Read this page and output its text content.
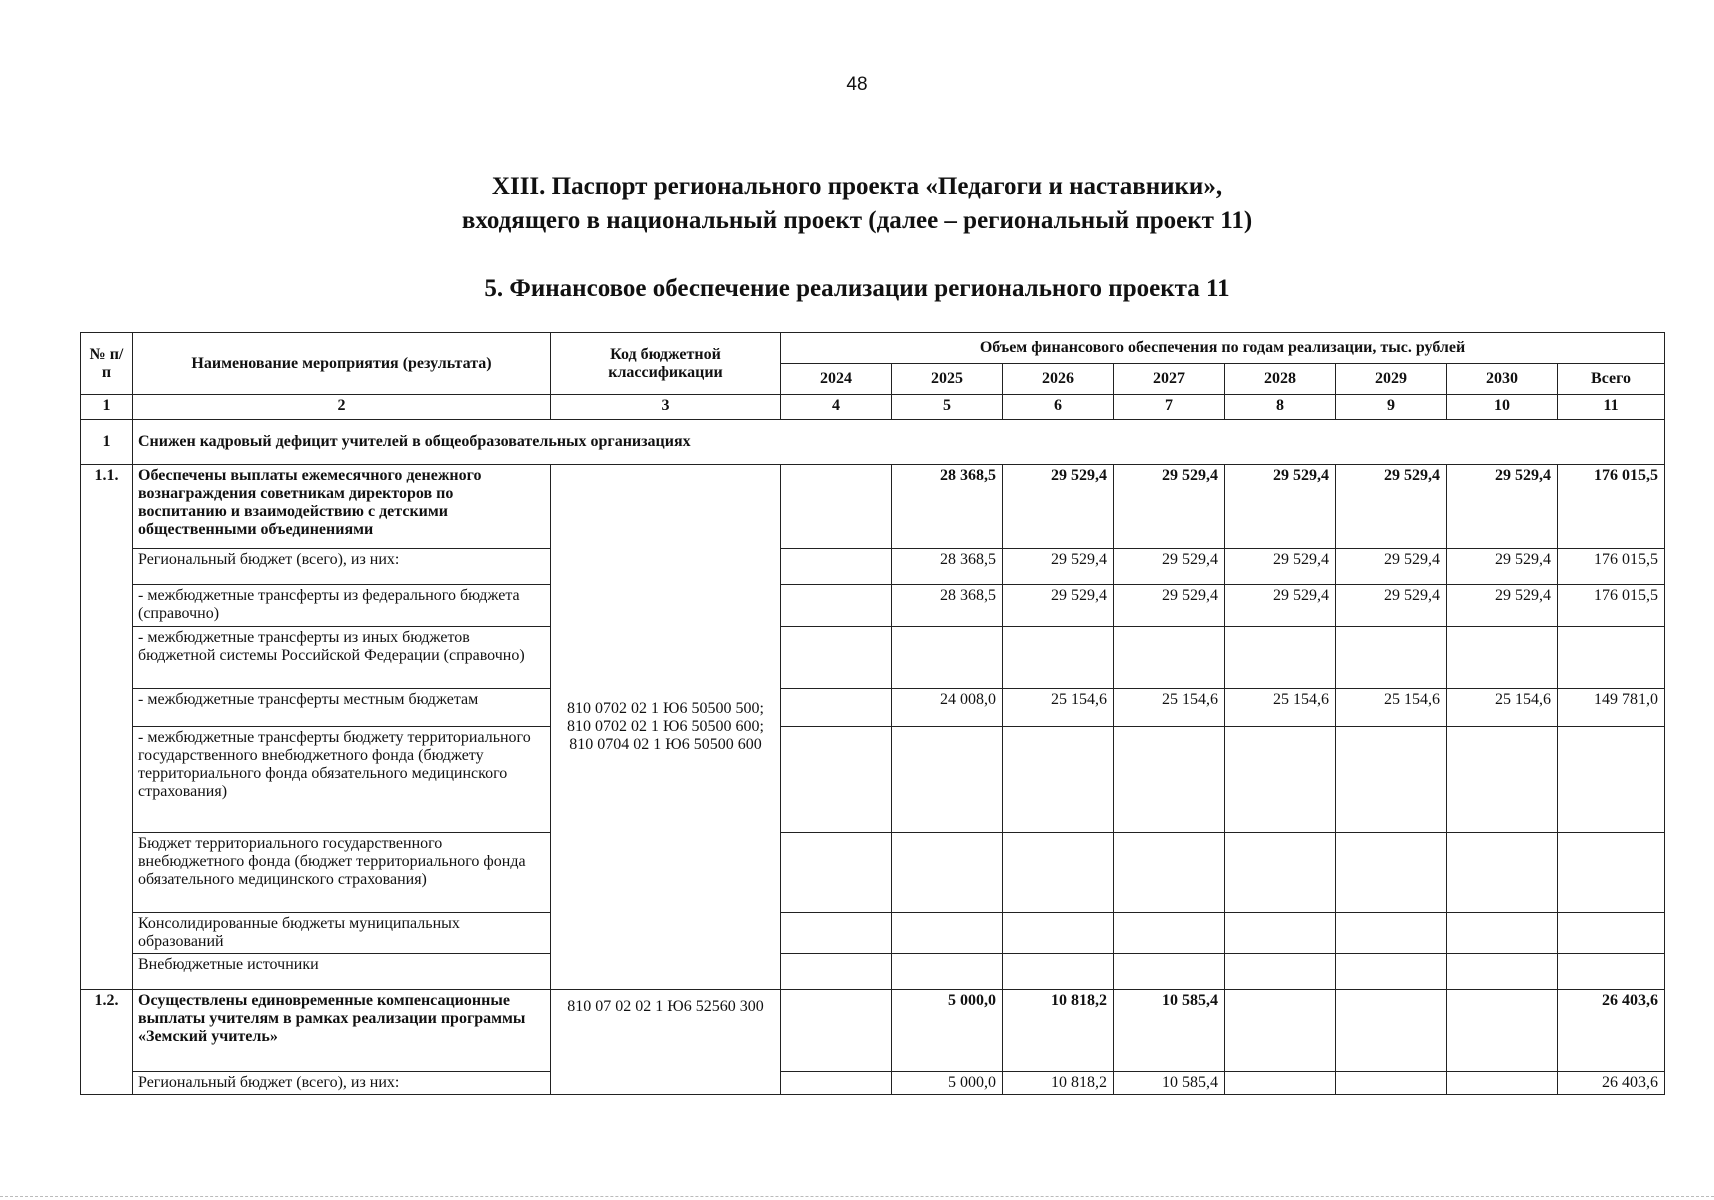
48
XIII. Паспорт регионального проекта «Педагоги и наставники»,
входящего в национальный проект (далее – региональный проект 11)
5. Финансовое обеспечение реализации регионального проекта 11
№ п/п	Наименование мероприятия (результата)	Код бюджетной классификации	Объем финансового обеспечения по годам реализации, тыс. рублей							
			2024	2025	2026	2027	2028	2029	2030	Всего
1	2	3	4	5	6	7	8	9	10	11
1	Снижен кадровый дефицит учителей в общеобразовательных организациях									
1.1.	Обеспечены выплаты ежемесячного денежного вознаграждения советникам директоров по воспитанию и взаимодействию с детскими общественными объединениями	810 0702 02 1 Ю6 50500 500;
810 0702 02 1 Ю6 50500 600;
810 0704 02 1 Ю6 50500 600		28 368,5	29 529,4	29 529,4	29 529,4	29 529,4	29 529,4	176 015,5
	Региональный бюджет (всего), из них:			28 368,5	29 529,4	29 529,4	29 529,4	29 529,4	29 529,4	176 015,5
	- межбюджетные трансферты из федерального бюджета (справочно)			28 368,5	29 529,4	29 529,4	29 529,4	29 529,4	29 529,4	176 015,5
	- межбюджетные трансферты из иных бюджетов бюджетной системы Российской Федерации (справочно)									
	- межбюджетные трансферты местным бюджетам			24 008,0	25 154,6	25 154,6	25 154,6	25 154,6	25 154,6	149 781,0
	- межбюджетные трансферты бюджету территориального государственного внебюджетного фонда (бюджету территориального фонда обязательного медицинского страхования)									
	Бюджет территориального государственного внебюджетного фонда (бюджет территориального фонда обязательного медицинского страхования)									
	Консолидированные бюджеты муниципальных образований									
	Внебюджетные источники									
1.2.	Осуществлены единовременные компенсационные выплаты учителям в рамках реализации программы «Земский учитель»	810 07 02 02 1 Ю6 52560 300		5 000,0	10 818,2	10 585,4				26 403,6
	Региональный бюджет (всего), из них:			5 000,0	10 818,2	10 585,4				26 403,6
